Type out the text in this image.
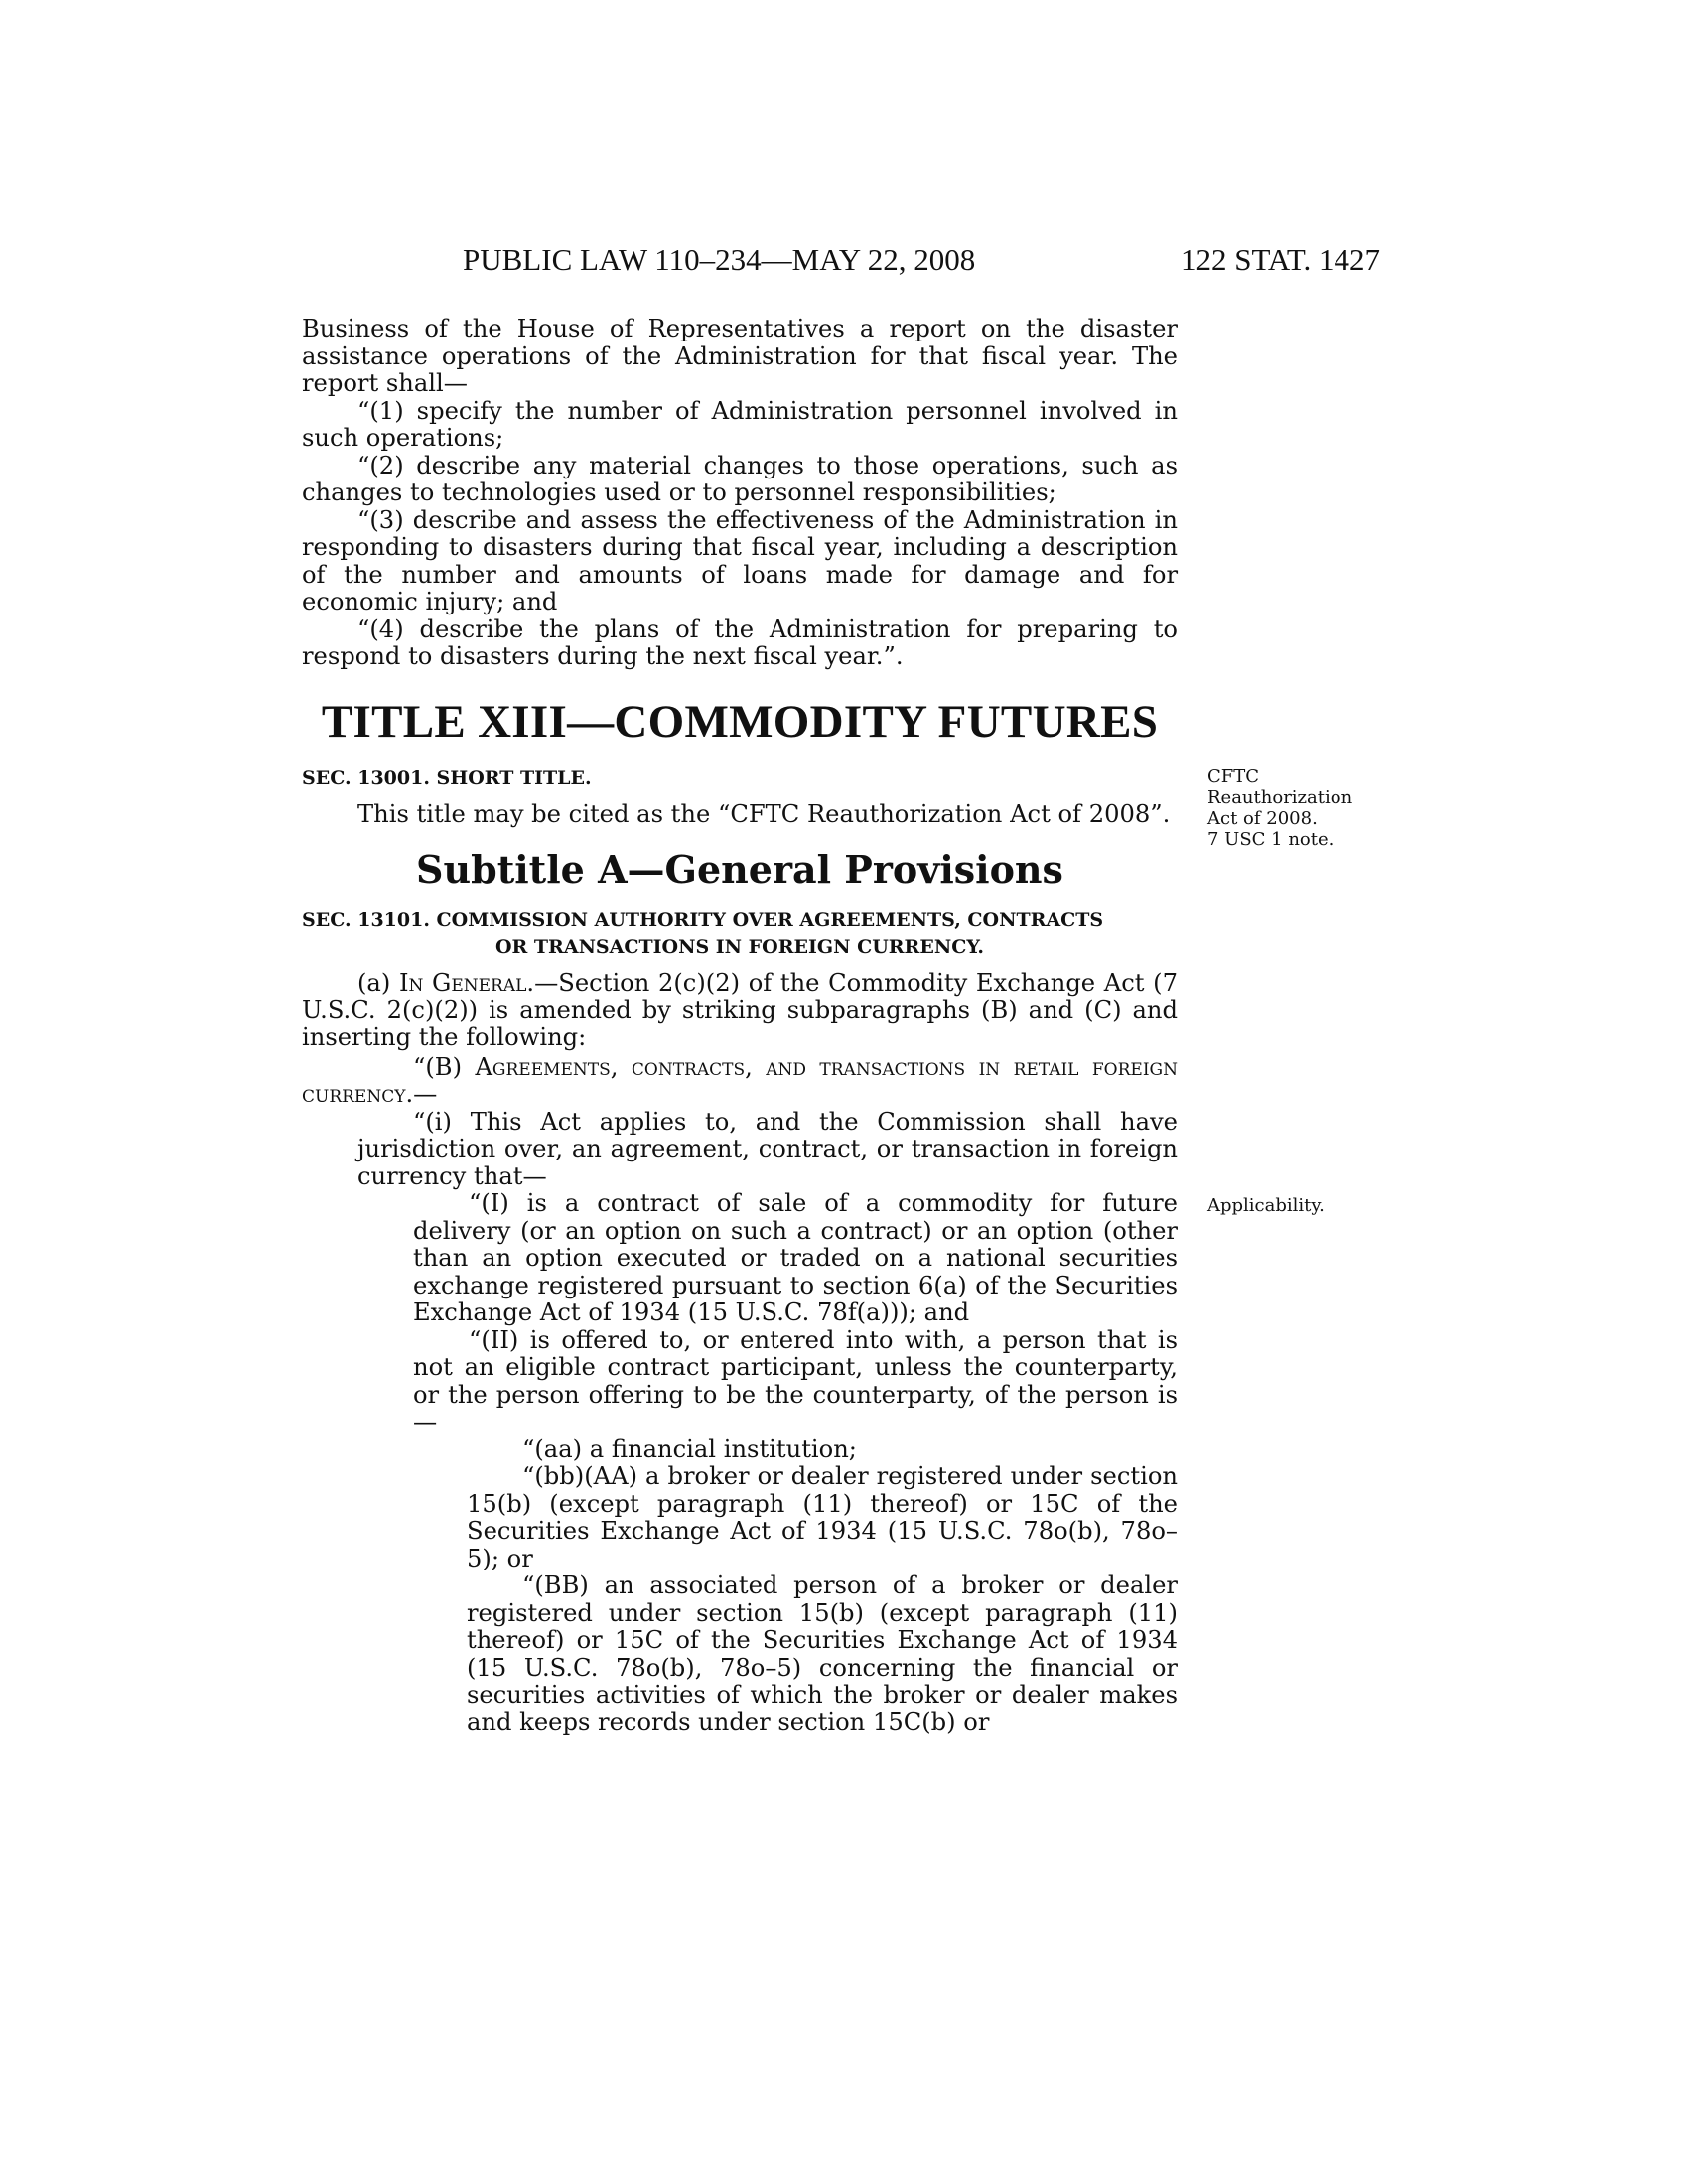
PUBLIC LAW 110–234—MAY 22, 2008	122 STAT. 1427

Business of the House of Representatives a report on the disaster assistance operations of the Administration for that fiscal year. The report shall—

“(1) specify the number of Administration personnel involved in such operations;

“(2) describe any material changes to those operations, such as changes to technologies used or to personnel responsibilities;

“(3) describe and assess the effectiveness of the Administration in responding to disasters during that fiscal year, including a description of the number and amounts of loans made for damage and for economic injury; and

“(4) describe the plans of the Administration for preparing to respond to disasters during the next fiscal year.”.

TITLE XIII—COMMODITY FUTURES
SEC. 13001. SHORT TITLE.

This title may be cited as the “CFTC Reauthorization Act of 2008”.

Subtitle A—General Provisions
SEC. 13101. COMMISSION AUTHORITY OVER AGREEMENTS, CONTRACTS
OR TRANSACTIONS IN FOREIGN CURRENCY.

(a) In General.—Section 2(c)(2) of the Commodity Exchange Act (7 U.S.C. 2(c)(2)) is amended by striking subparagraphs (B) and (C) and inserting the following:

“(B) Agreements, contracts, and transactions in retail foreign currency.—

“(i) This Act applies to, and the Commission shall have jurisdiction over, an agreement, contract, or transaction in foreign currency that—

“(I) is a contract of sale of a commodity for future delivery (or an option on such a contract) or an option (other than an option executed or traded on a national securities exchange registered pursuant to section 6(a) of the Securities Exchange Act of 1934 (15 U.S.C. 78f(a))); and

“(II) is offered to, or entered into with, a person that is not an eligible contract participant, unless the counterparty, or the person offering to be the counterparty, of the person is—

“(aa) a financial institution;

“(bb)(AA) a broker or dealer registered under section 15(b) (except paragraph (11) thereof) or 15C of the Securities Exchange Act of 1934 (15 U.S.C. 78o(b), 78o–5); or

“(BB) an associated person of a broker or dealer registered under section 15(b) (except paragraph (11) thereof) or 15C of the Securities Exchange Act of 1934 (15 U.S.C. 78o(b), 78o–5) concerning the financial or securities activities of which the broker or dealer makes and keeps records under section 15C(b) or

CFTC
Reauthorization
Act of 2008.
7 USC 1 note.
Applicability.
